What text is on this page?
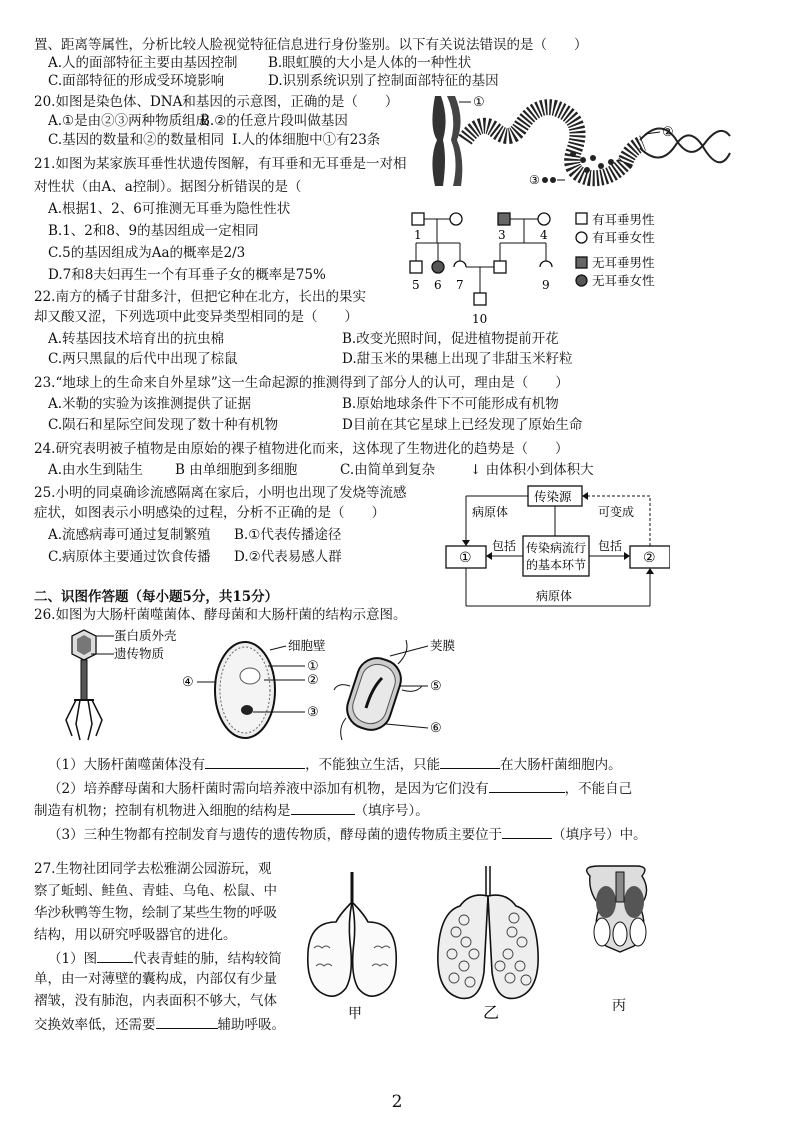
置、距离等属性，分析比较人脸视觉特征信息进行身份鉴别。以下有关说法错误的是（　　）
A.人的面部特征主要由基因控制 B.眼虹膜的大小是人体的一种性状
C.面部特征的形成受环境影响	D.识别系统识别了控制面部特征的基因
20.如图是染色体、DNA和基因的示意图，正确的是（　　）
A.①是由②③两种物质组成
B.②的任意片段叫做基因
C.基因的数量和②的数量相同 Ⅰ.人的体细胞中①有23条
①
②
③
21.如图为某家族耳垂性状遗传图解，有耳垂和无耳垂是一对相
对性状（由A、a控制）。据图分析错误的是（
A.根据1、2、6可推测无耳垂为隐性性状
B.1、2和8、9的基因组成一定相同
C.5的基因组成为Aa的概率是2/3
D.7和8夫妇再生一个有耳垂子女的概率是75%
1	3	4
5 6 7	9
10
有耳垂男性
有耳垂女性
无耳垂男性
无耳垂女性
22.南方的橘子甘甜多汁，但把它种在北方，长出的果实
却又酸又涩，下列选项中此变异类型相同的是（　　）
A.转基因技术培育出的抗虫棉	B.改变光照时间，促进植物提前开花
C.两只黑鼠的后代中出现了棕鼠	D.甜玉米的果穗上出现了非甜玉米籽粒
23.“地球上的生命来自外星球”这一生命起源的推测得到了部分人的认可，理由是（　　）
A.米勒的实验为该推测提供了证据	B.原始地球条件下不可能形成有机物
C.陨石和星际空间发现了数十种有机物	D目前在其它星球上已经发现了原始生命
24.研究表明被子植物是由原始的裸子植物进化而来，这体现了生物进化的趋势是（　　）
A.由水生到陆生 B 由单细胞到多细胞	C.由简单到复杂	↓ 由体积小到体积大
25.小明的同桌确诊流感隔离在家后，小明也出现了发烧等流感
症状，如图表示小明感染的过程，分析不正确的是（　　）
A.流感病毒可通过复制繁殖 B.①代表传播途径
C.病原体主要通过饮食传播 D.②代表易感人群
传染源
病原体	可变成
传染病流行
的基本环节
包括	包括
①	②
病原体
二、识图作答题（每小题5分，共15分）
26.如图为大肠杆菌噬菌体、酵母菌和大肠杆菌的结构示意图。
蛋白质外壳
遗传物质
④
细胞壁
①
②
③
荚膜
⑤
⑥
（1）大肠杆菌噬菌体没有	，不能独立生活，只能	在大肠杆菌细胞内。
（2）培养酵母菌和大肠杆菌时需向培养液中添加有机物，是因为它们没有	，不能自己
制造有机物；控制有机物进入细胞的结构是	（填序号）。
（3）三种生物都有控制发育与遗传的遗传物质，酵母菌的遗传物质主要位于	（填序号）中。
27.生物社团同学去松雅湖公园游玩，观
察了蚯蚓、鲑鱼、青蛙、乌龟、松鼠、中
华沙秋鸭等生物，绘制了某些生物的呼吸
结构，用以研究呼吸器官的进化。
（1）图	代表青蛙的肺，结构较简
单，由一对薄壁的囊构成，内部仅有少量
褶皱，没有肺泡，内表面积不够大，气体
交换效率低，还需要	辅助呼吸。
甲	乙	丙
2
